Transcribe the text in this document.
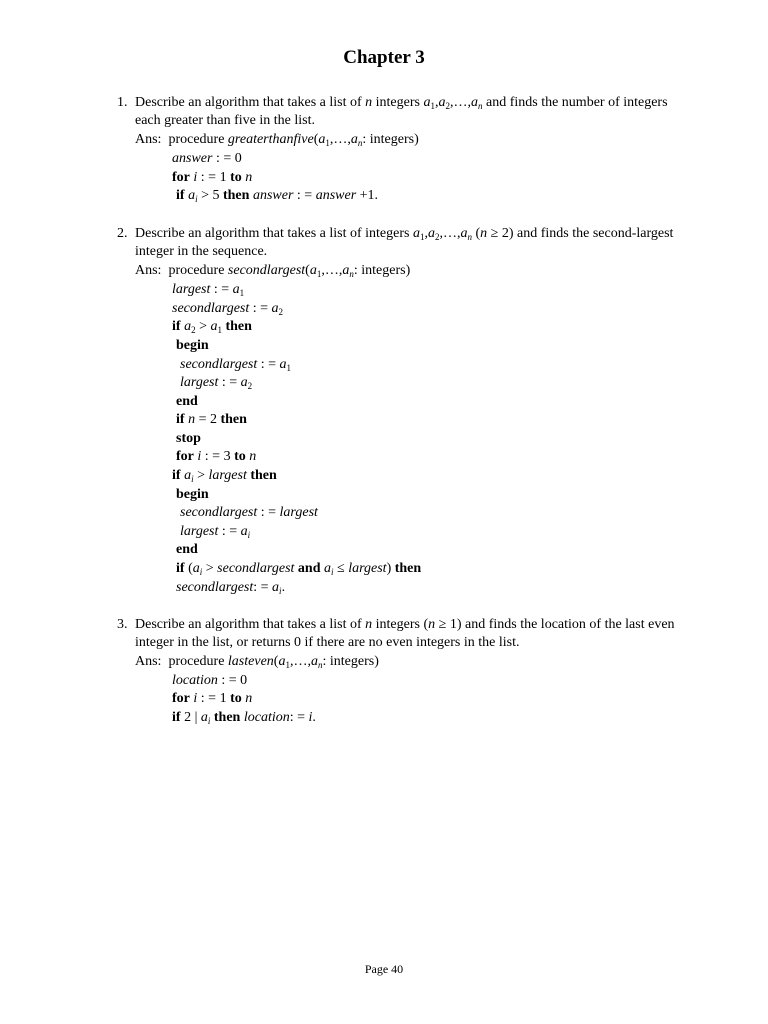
Chapter 3
1. Describe an algorithm that takes a list of n integers $a_1,a_2,\dots,a_n$ and finds the number of integers each greater than five in the list.
Ans: procedure $greaterthanfive(a_1,\dots,a_n$: integers)
answer : = 0
for i : = 1 to n
if $a_i > 5$ then answer : = answer +1.
2. Describe an algorithm that takes a list of integers $a_1,a_2,\dots,a_n$ (n ≥ 2) and finds the second-largest integer in the sequence.
Ans: procedure $secondlargest(a_1,\dots,a_n$: integers)
largest : = $a_1$
secondlargest : = $a_2$
if $a_2 > a_1$ then
begin
secondlargest : = $a_1$
largest : = $a_2$
end
if n = 2 then
stop
for i : = 3 to n
if $a_i$ > largest then
begin
secondlargest : = largest
largest : = $a_i$
end
if ($a_i$ > secondlargest and $a_i$ ≤ largest) then
secondlargest: = $a_i$.
3. Describe an algorithm that takes a list of n integers (n ≥ 1) and finds the location of the last even integer in the list, or returns 0 if there are no even integers in the list.
Ans: procedure $lasteven(a_1,\dots,a_n$: integers)
location : = 0
for i : = 1 to n
if 2 | $a_i$ then location: = i.
Page 40
